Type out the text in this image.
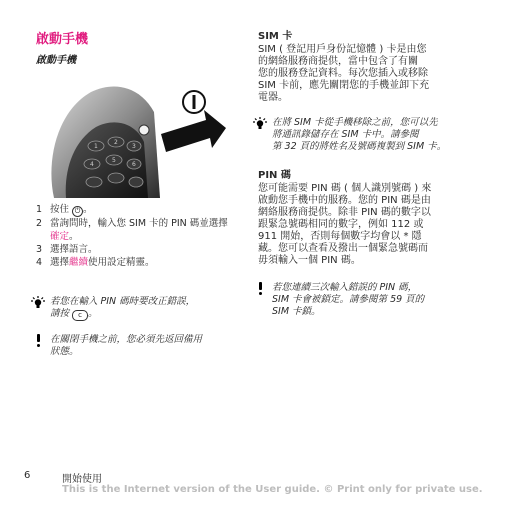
啟動手機
啟動手機
1
2
3
4
5
6
1 按住 ⏻ 。
2 當詢問時，輸入您 SIM 卡的 PIN 碼並選擇確定。
3 選擇語言。
4 選擇繼續使用設定精靈。
若您在輸入 PIN 碼時要改正錯誤，
請按 c 。
在關閉手機之前，您必須先返回備用
狀態。
SIM 卡
SIM ( 登記用戶身份記憶體 ) 卡是由您
的網絡服務商提供，當中包含了有關
您的服務登記資料。每次您插入或移除
SIM 卡前，應先關閉您的手機並卸下充
電器。
在將 SIM 卡從手機移除之前，您可以先
將通訊錄儲存在 SIM 卡中。請參閱
第 32 頁的將姓名及號碼複製到 SIM 卡。
PIN 碼
您可能需要 PIN 碼 ( 個人識別號碼 ) 來
啟動您手機中的服務。您的 PIN 碼是由
網絡服務商提供。除非 PIN 碼的數字以
跟緊急號碼相同的數字，例如 112 或
911 開始，否則每個數字均會以 * 隱
藏。您可以查看及撥出一個緊急號碼而
毋須輸入一個 PIN 碼。
若您連續三次輸入錯誤的 PIN 碼，
SIM 卡會被鎖定。請參閱第 59 頁的
SIM 卡鎖。
6	開始使用
This is the Internet version of the User guide. © Print only for private use.
